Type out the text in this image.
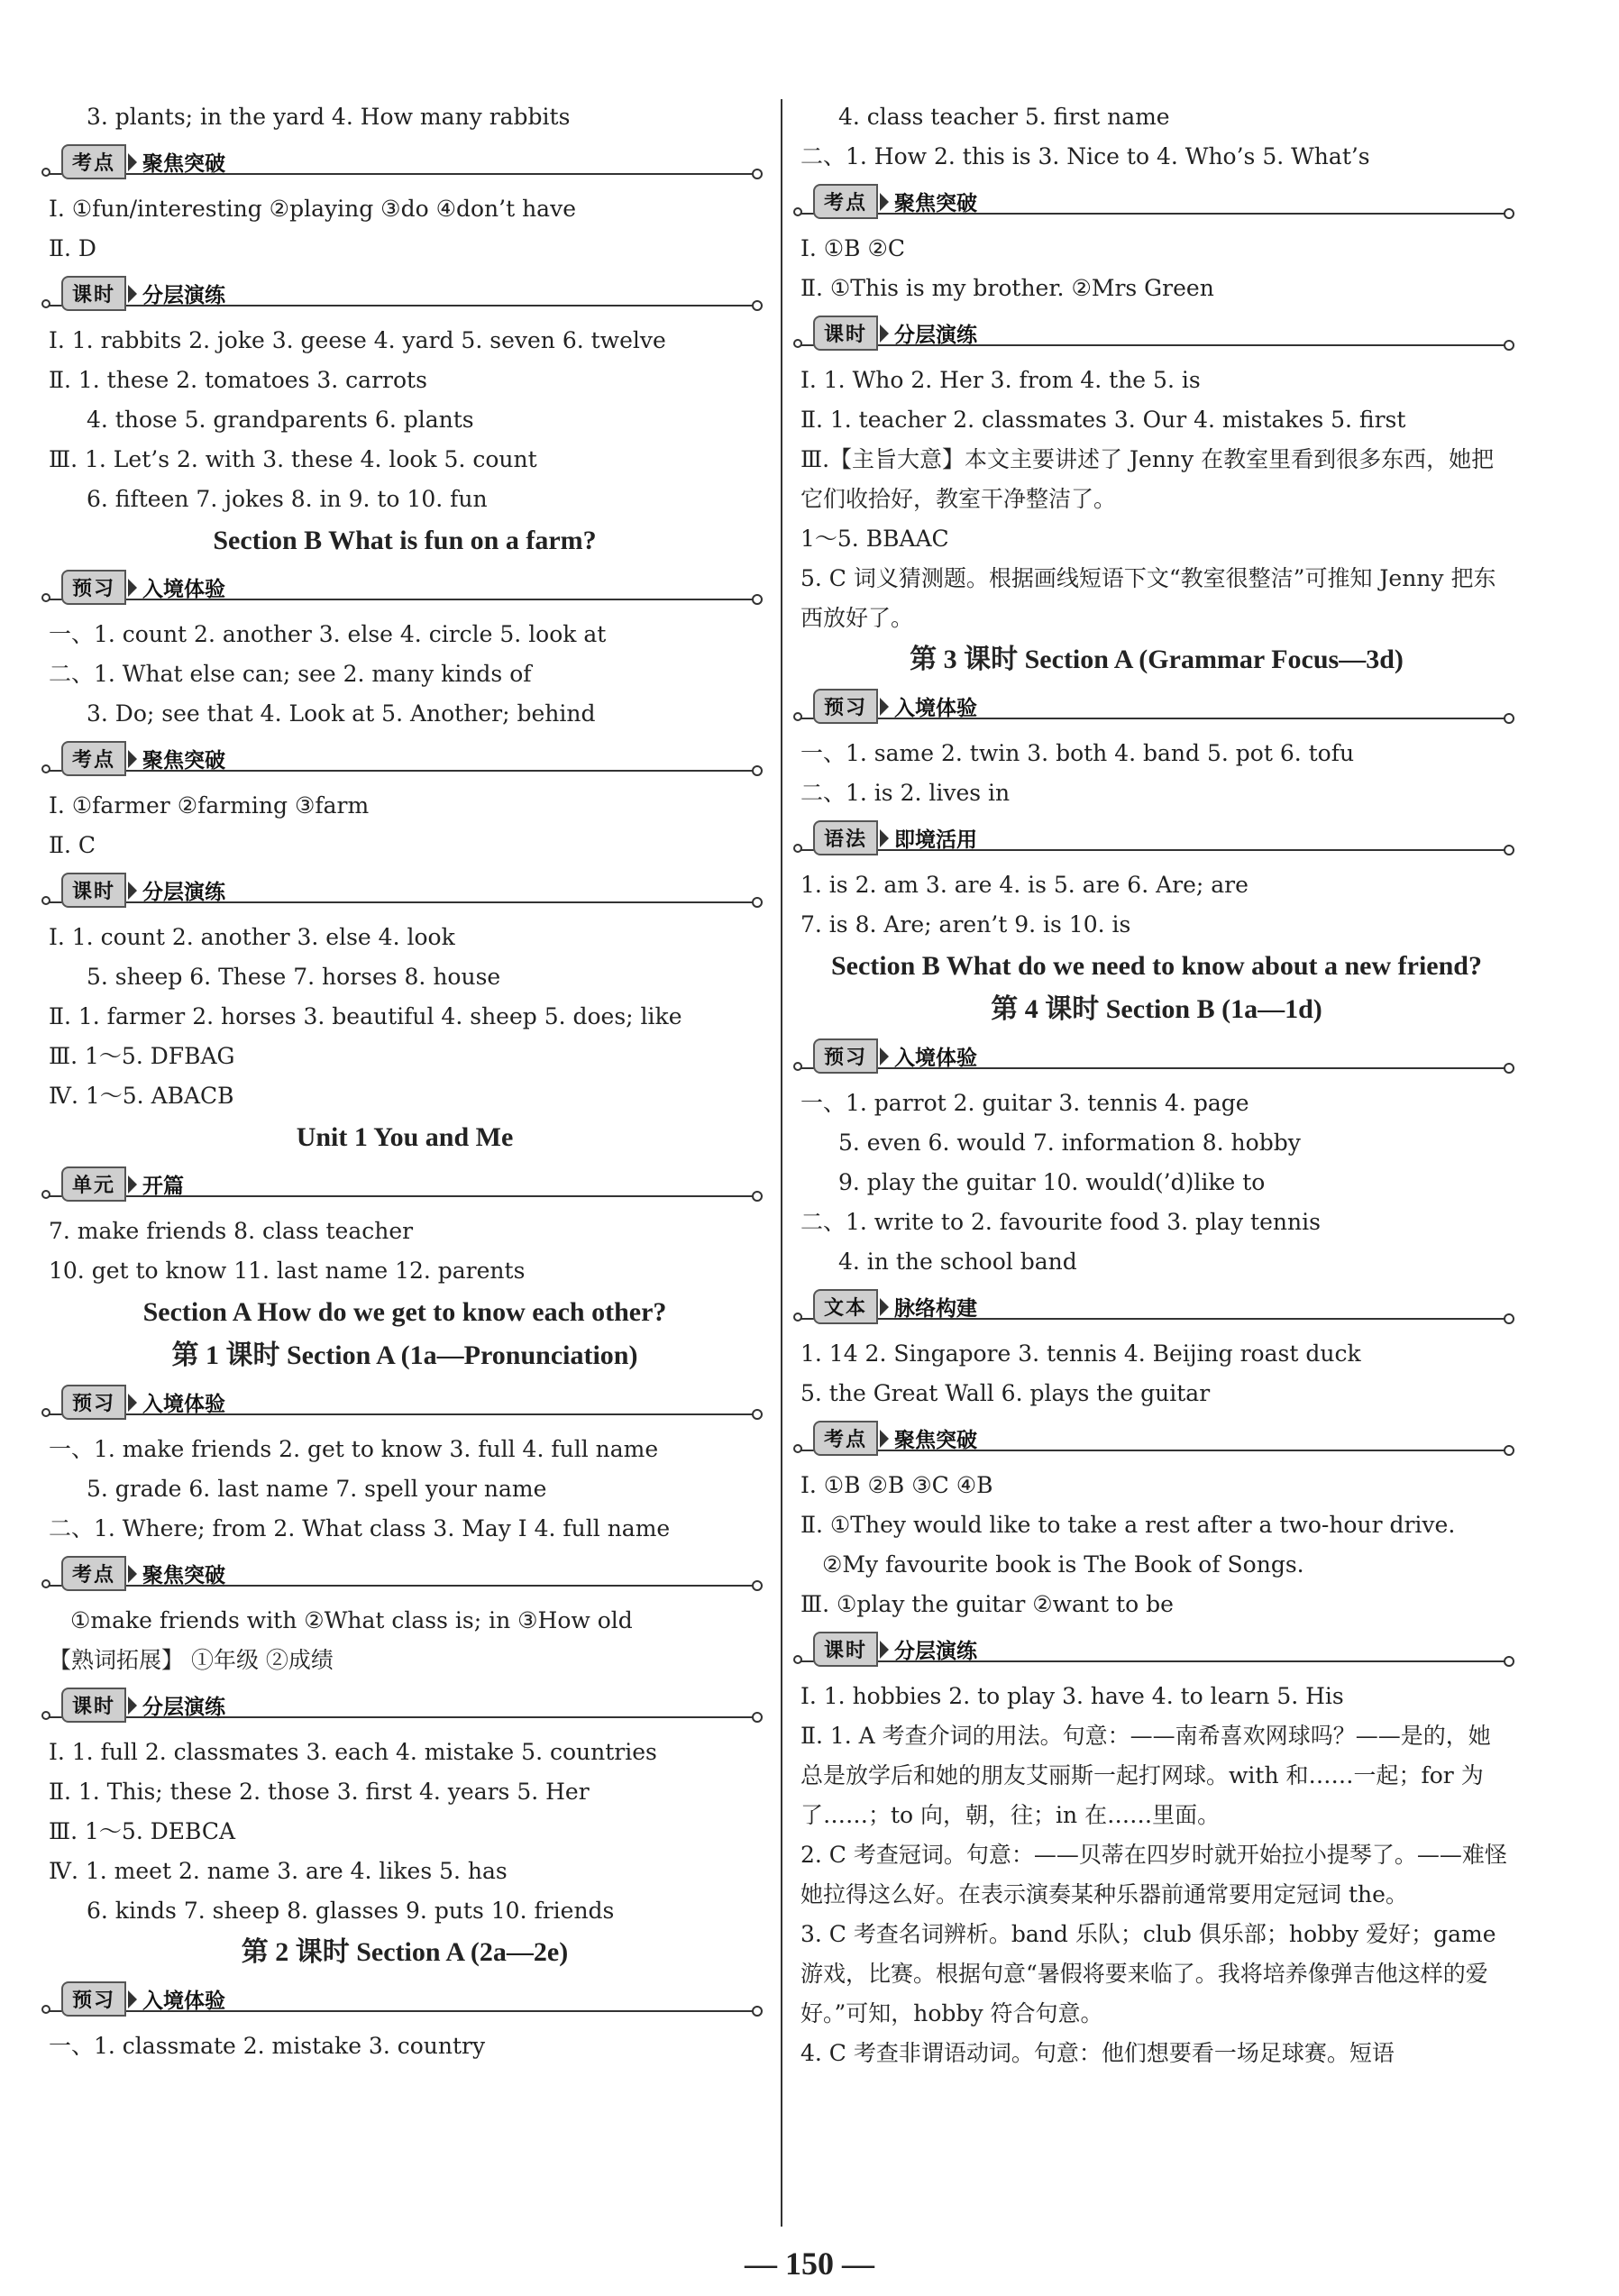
3. plants; in the yard 4. How many rabbits
考点	聚焦突破
Ⅰ. ①fun/interesting ②playing ③do ④don’t have
Ⅱ. D
课时	分层演练
Ⅰ. 1. rabbits 2. joke 3. geese 4. yard 5. seven 6. twelve
Ⅱ. 1. these 2. tomatoes 3. carrots
4. those 5. grandparents 6. plants
Ⅲ. 1. Let’s 2. with 3. these 4. look 5. count
6. fifteen 7. jokes 8. in 9. to 10. fun
Section B What is fun on a farm?
预习	入境体验
一、1. count 2. another 3. else 4. circle 5. look at
二、1. What else can; see 2. many kinds of
3. Do; see that 4. Look at 5. Another; behind
考点	聚焦突破
Ⅰ. ①farmer ②farming ③farm
Ⅱ. C
课时	分层演练
Ⅰ. 1. count 2. another 3. else 4. look
5. sheep 6. These 7. horses 8. house
Ⅱ. 1. farmer 2. horses 3. beautiful 4. sheep 5. does; like
Ⅲ. 1～5. DFBAG
Ⅳ. 1～5. ABACB
Unit 1 You and Me
单元	开篇
7. make friends 8. class teacher
10. get to know 11. last name 12. parents
Section A How do we get to know each other?
第 1 课时 Section A (1a—Pronunciation)
预习	入境体验
一、1. make friends 2. get to know 3. full 4. full name
5. grade 6. last name 7. spell your name
二、1. Where; from 2. What class 3. May I 4. full name
考点	聚焦突破
①make friends with ②What class is; in ③How old
【熟词拓展】 ①年级 ②成绩
课时	分层演练
Ⅰ. 1. full 2. classmates 3. each 4. mistake 5. countries
Ⅱ. 1. This; these 2. those 3. first 4. years 5. Her
Ⅲ. 1～5. DEBCA
Ⅳ. 1. meet 2. name 3. are 4. likes 5. has
6. kinds 7. sheep 8. glasses 9. puts 10. friends
第 2 课时 Section A (2a—2e)
预习	入境体验
一、1. classmate 2. mistake 3. country
4. class teacher 5. first name
二、1. How 2. this is 3. Nice to 4. Who’s 5. What’s
考点	聚焦突破
Ⅰ. ①B ②C
Ⅱ. ①This is my brother. ②Mrs Green
课时	分层演练
Ⅰ. 1. Who 2. Her 3. from 4. the 5. is
Ⅱ. 1. teacher 2. classmates 3. Our 4. mistakes 5. first
Ⅲ.【主旨大意】本文主要讲述了 Jenny 在教室里看到很多东西，她把它们收拾好，教室干净整洁了。
1～5. BBAAC
5. C 词义猜测题。根据画线短语下文“教室很整洁”可推知 Jenny 把东西放好了。
第 3 课时 Section A (Grammar Focus—3d)
预习	入境体验
一、1. same 2. twin 3. both 4. band 5. pot 6. tofu
二、1. is 2. lives in
语法	即境活用
1. is 2. am 3. are 4. is 5. are 6. Are; are
7. is 8. Are; aren’t 9. is 10. is
Section B What do we need to know about a new friend?
第 4 课时 Section B (1a—1d)
预习	入境体验
一、1. parrot 2. guitar 3. tennis 4. page
5. even 6. would 7. information 8. hobby
9. play the guitar 10. would(’d)like to
二、1. write to 2. favourite food 3. play tennis
4. in the school band
文本	脉络构建
1. 14 2. Singapore 3. tennis 4. Beijing roast duck
5. the Great Wall 6. plays the guitar
考点	聚焦突破
Ⅰ. ①B ②B ③C ④B
Ⅱ. ①They would like to take a rest after a two-hour drive.
②My favourite book is The Book of Songs.
Ⅲ. ①play the guitar ②want to be
课时	分层演练
Ⅰ. 1. hobbies 2. to play 3. have 4. to learn 5. His
Ⅱ. 1. A 考查介词的用法。句意：——南希喜欢网球吗？——是的，她总是放学后和她的朋友艾丽斯一起打网球。with 和……一起；for 为了……；to 向，朝，往；in 在……里面。
2. C 考查冠词。句意：——贝蒂在四岁时就开始拉小提琴了。——难怪她拉得这么好。在表示演奏某种乐器前通常要用定冠词 the。
3. C 考查名词辨析。band 乐队；club 俱乐部；hobby 爱好；game 游戏，比赛。根据句意“暑假将要来临了。我将培养像弹吉他这样的爱好。”可知，hobby 符合句意。
4. C 考查非谓语动词。句意：他们想要看一场足球赛。短语
— 150 —
